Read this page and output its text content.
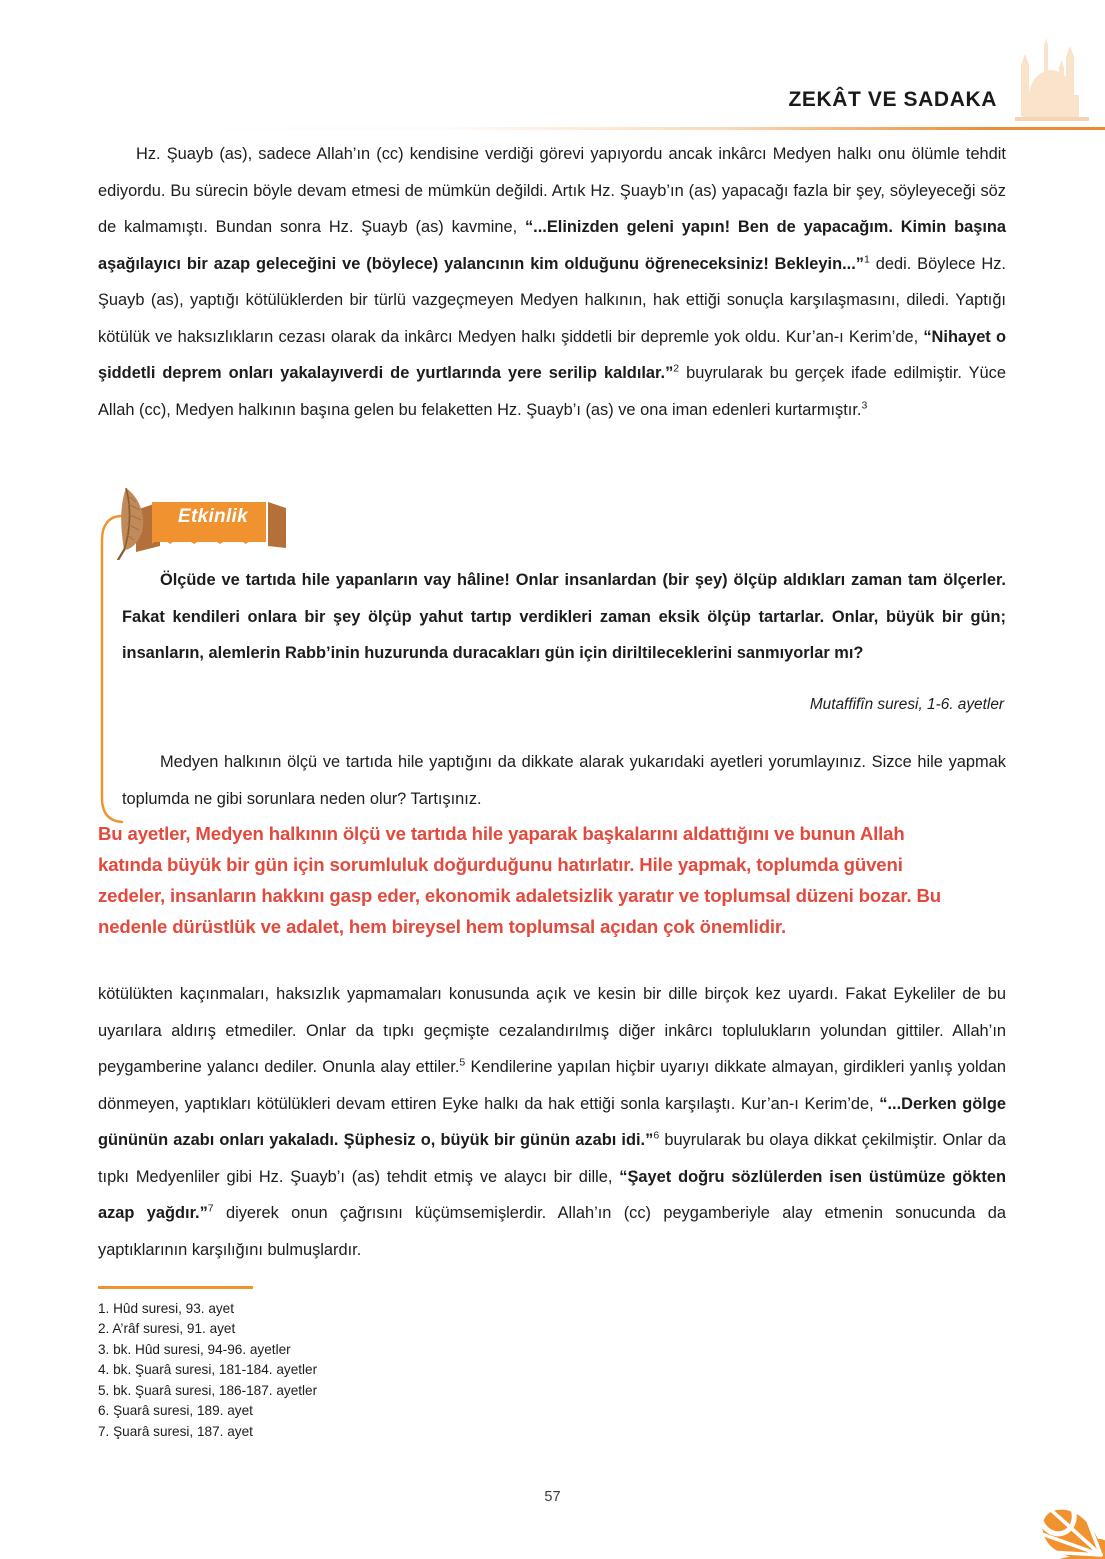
ZEKÂT VE SADAKA

Hz. Şuayb (as), sadece Allah’ın (cc) kendisine verdiği görevi yapıyordu ancak inkârcı Medyen halkı onu ölümle tehdit ediyordu. Bu sürecin böyle devam etmesi de mümkün değildi. Artık Hz. Şuayb’ın (as) yapacağı fazla bir şey, söyleyeceği söz de kalmamıştı. Bundan sonra Hz. Şuayb (as) kavmine, “...Elinizden geleni yapın! Ben de yapacağım. Kimin başına aşağılayıcı bir azap geleceğini ve (böylece) yalancının kim olduğunu öğreneceksiniz! Bekleyin...”$^1$ dedi. Böylece Hz. Şuayb (as), yaptığı kötülüklerden bir türlü vazgeçmeyen Medyen halkının, hak ettiği sonuçla karşılaşmasını, diledi. Yaptığı kötülük ve haksızlıkların cezası olarak da inkârcı Medyen halkı şiddetli bir depremle yok oldu. Kur’an-ı Kerim’de, “Nihayet o şiddetli deprem onları yakalayıverdi de yurtlarında yere serilip kaldılar.”$^2$ buyrularak bu gerçek ifade edilmiştir. Yüce Allah (cc), Medyen halkının başına gelen bu felaketten Hz. Şuayb’ı (as) ve ona iman edenleri kurtarmıştır.$^3$

Etkinlik

Ölçüde ve tartıda hile yapanların vay hâline! Onlar insanlardan (bir şey) ölçüp aldıkları zaman tam ölçerler. Fakat kendileri onlara bir şey ölçüp yahut tartıp verdikleri zaman eksik ölçüp tartarlar. Onlar, büyük bir gün; insanların, alemlerin Rabb’inin huzurunda duracakları gün için diriltileceklerini sanmıyorlar mı?

Mutaffifîn suresi, 1-6. ayetler

Medyen halkının ölçü ve tartıda hile yaptığını da dikkate alarak yukarıdaki ayetleri yorumlayınız. Sizce hile yapmak toplumda ne gibi sorunlara neden olur? Tartışınız.

Bu ayetler, Medyen halkının ölçü ve tartıda hile yaparak başkalarını aldattığını ve bunun Allah katında büyük bir gün için sorumluluk doğurduğunu hatırlatır. Hile yapmak, toplumda güveni zedeler, insanların hakkını gasp eder, ekonomik adaletsizlik yaratır ve toplumsal düzeni bozar. Bu nedenle dürüstlük ve adalet, hem bireysel hem toplumsal açıdan çok önemlidir.

kötülükten kaçınmaları, haksızlık yapmamaları konusunda açık ve kesin bir dille birçok kez uyardı. Fakat Eykeliler de bu uyarılara aldırış etmediler. Onlar da tıpkı geçmişte cezalandırılmış diğer inkârcı toplulukların yolundan gittiler. Allah’ın peygamberine yalancı dediler. Onunla alay ettiler.$^5$ Kendilerine yapılan hiçbir uyarıyı dikkate almayan, girdikleri yanlış yoldan dönmeyen, yaptıkları kötülükleri devam ettiren Eyke halkı da hak ettiği sonla karşılaştı. Kur’an-ı Kerim’de, “...Derken gölge gününün azabı onları yakaladı. Şüphesiz o, büyük bir günün azabı idi.”$^6$ buyrularak bu olaya dikkat çekilmiştir. Onlar da tıpkı Medyenliler gibi Hz. Şuayb’ı (as) tehdit etmiş ve alaycı bir dille, “Şayet doğru sözlülerden isen üstümüze gökten azap yağdır.”$^7$ diyerek onun çağrısını küçümsemişlerdir. Allah’ın (cc) peygamberiyle alay etmenin sonucunda da yaptıklarının karşılığını bulmuşlardır.

1. Hûd suresi, 93. ayet
2. A’râf suresi, 91. ayet
3. bk. Hûd suresi, 94-96. ayetler
4. bk. Şuarâ suresi, 181-184. ayetler
5. bk. Şuarâ suresi, 186-187. ayetler
6. Şuarâ suresi, 189. ayet
7. Şuarâ suresi, 187. ayet
57
